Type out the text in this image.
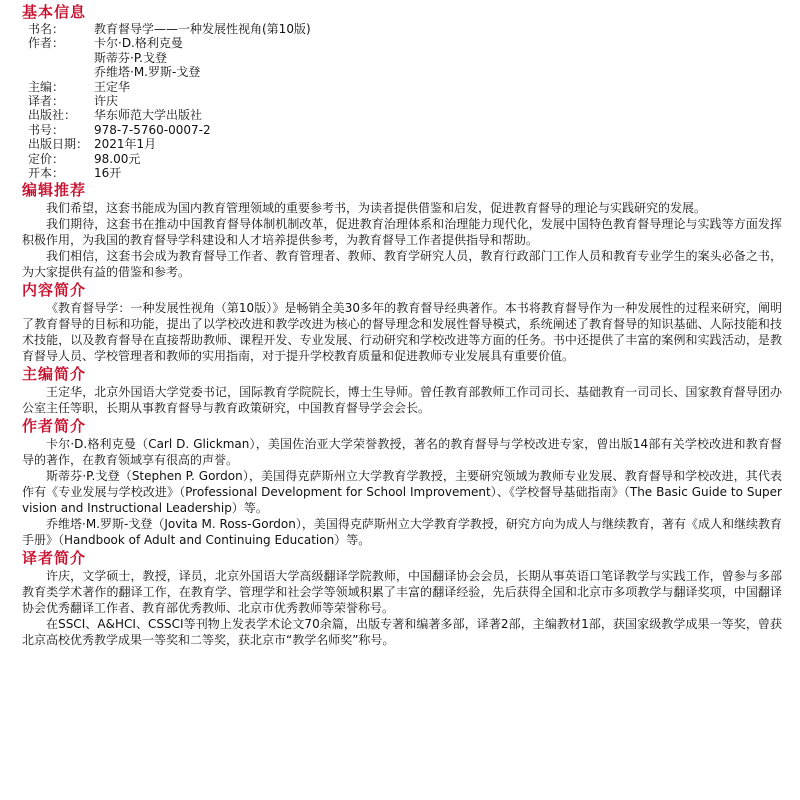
基本信息
书名： 教育督导学——一种发展性视角(第10版)
作者： 卡尔·D.格利克曼
斯蒂芬·P.戈登
乔维塔·M.罗斯-戈登
主编： 王定华
译者： 许庆
出版社： 华东师范大学出版社
书号： 978-7-5760-0007-2
出版日期： 2021年1月
定价： 98.00元
开本： 16开
编辑推荐

我们希望，这套书能成为国内教育管理领域的重要参考书，为读者提供借鉴和启发，促进教育督导的理论与实践研究的发展。

我们期待，这套书在推动中国教育督导体制机制改革，促进教育治理体系和治理能力现代化，发展中国特色教育督导理论与实践等方面发挥积极作用，为我国的教育督导学科建设和人才培养提供参考，为教育督导工作者提供指导和帮助。

我们相信，这套书会成为教育督导工作者、教育管理者、教师、教育学研究人员，教育行政部门工作人员和教育专业学生的案头必备之书，为大家提供有益的借鉴和参考。

内容简介

《教育督导学：一种发展性视角（第10版）》是畅销全美30多年的教育督导经典著作。本书将教育督导作为一种发展性的过程来研究，阐明了教育督导的目标和功能，提出了以学校改进和教学改进为核心的督导理念和发展性督导模式，系统阐述了教育督导的知识基础、人际技能和技术技能，以及教育督导在直接帮助教师、课程开发、专业发展、行动研究和学校改进等方面的任务。书中还提供了丰富的案例和实践活动，是教育督导人员、学校管理者和教师的实用指南，对于提升学校教育质量和促进教师专业发展具有重要价值。

主编简介

王定华，北京外国语大学党委书记，国际教育学院院长，博士生导师。曾任教育部教师工作司司长、基础教育一司司长、国家教育督导团办公室主任等职，长期从事教育督导与教育政策研究，中国教育督导学会会长。

作者简介

卡尔·D.格利克曼（Carl D. Glickman），美国佐治亚大学荣誉教授，著名的教育督导与学校改进专家，曾出版14部有关学校改进和教育督导的著作，在教育领域享有很高的声誉。

斯蒂芬·P.戈登（Stephen P. Gordon），美国得克萨斯州立大学教育学教授，主要研究领域为教师专业发展、教育督导和学校改进，其代表作有《专业发展与学校改进》（Professional Development for School Improvement）、《学校督导基础指南》（The Basic Guide to Supervision and Instructional Leadership）等。

乔维塔·M.罗斯-戈登（Jovita M. Ross-Gordon），美国得克萨斯州立大学教育学教授，研究方向为成人与继续教育，著有《成人和继续教育手册》（Handbook of Adult and Continuing Education）等。

译者简介

许庆，文学硕士，教授，译员，北京外国语大学高级翻译学院教师，中国翻译协会会员，长期从事英语口笔译教学与实践工作，曾参与多部教育类学术著作的翻译工作，在教育学、管理学和社会学等领域积累了丰富的翻译经验，先后获得全国和北京市多项教学与翻译奖项，中国翻译协会优秀翻译工作者、教育部优秀教师、北京市优秀教师等荣誉称号。

在SSCI、A&HCI、CSSCI等刊物上发表学术论文70余篇，出版专著和编著多部，译著2部，主编教材1部，获国家级教学成果一等奖，曾获北京高校优秀教学成果一等奖和二等奖，获北京市“教学名师奖”称号。
